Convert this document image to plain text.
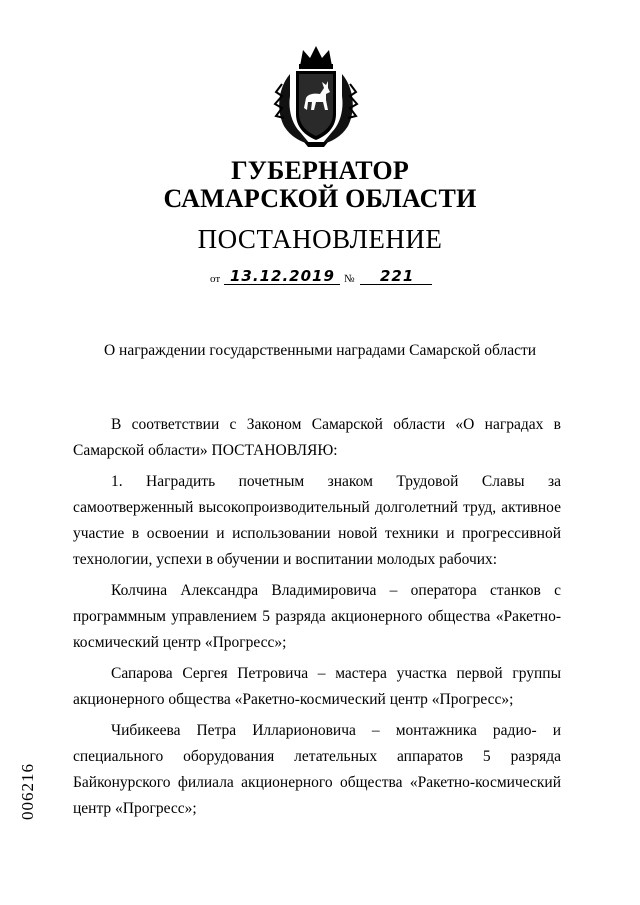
ГУБЕРНАТОР
САМАРСКОЙ ОБЛАСТИ
ПОСТАНОВЛЕНИЕ
от 13.12.2019 № 221
О награждении государственными наградами Самарской области

В соответствии с Законом Самарской области «О наградах в Самарской области» ПОСТАНОВЛЯЮ:

1. Наградить почетным знаком Трудовой Славы за самоотверженный высокопроизводительный долголетний труд, активное участие в освоении и использовании новой техники и прогрессивной технологии, успехи в обучении и воспитании молодых рабочих:

Колчина Александра Владимировича – оператора станков с программным управлением 5 разряда акционерного общества «Ракетно-космический центр «Прогресс»;

Сапарова Сергея Петровича – мастера участка первой группы акционерного общества «Ракетно-космический центр «Прогресс»;

Чибикеева Петра Илларионовича – монтажника радио- и специального оборудования летательных аппаратов 5 разряда Байконурского филиала акционерного общества «Ракетно-космический центр «Прогресс»;

006216
